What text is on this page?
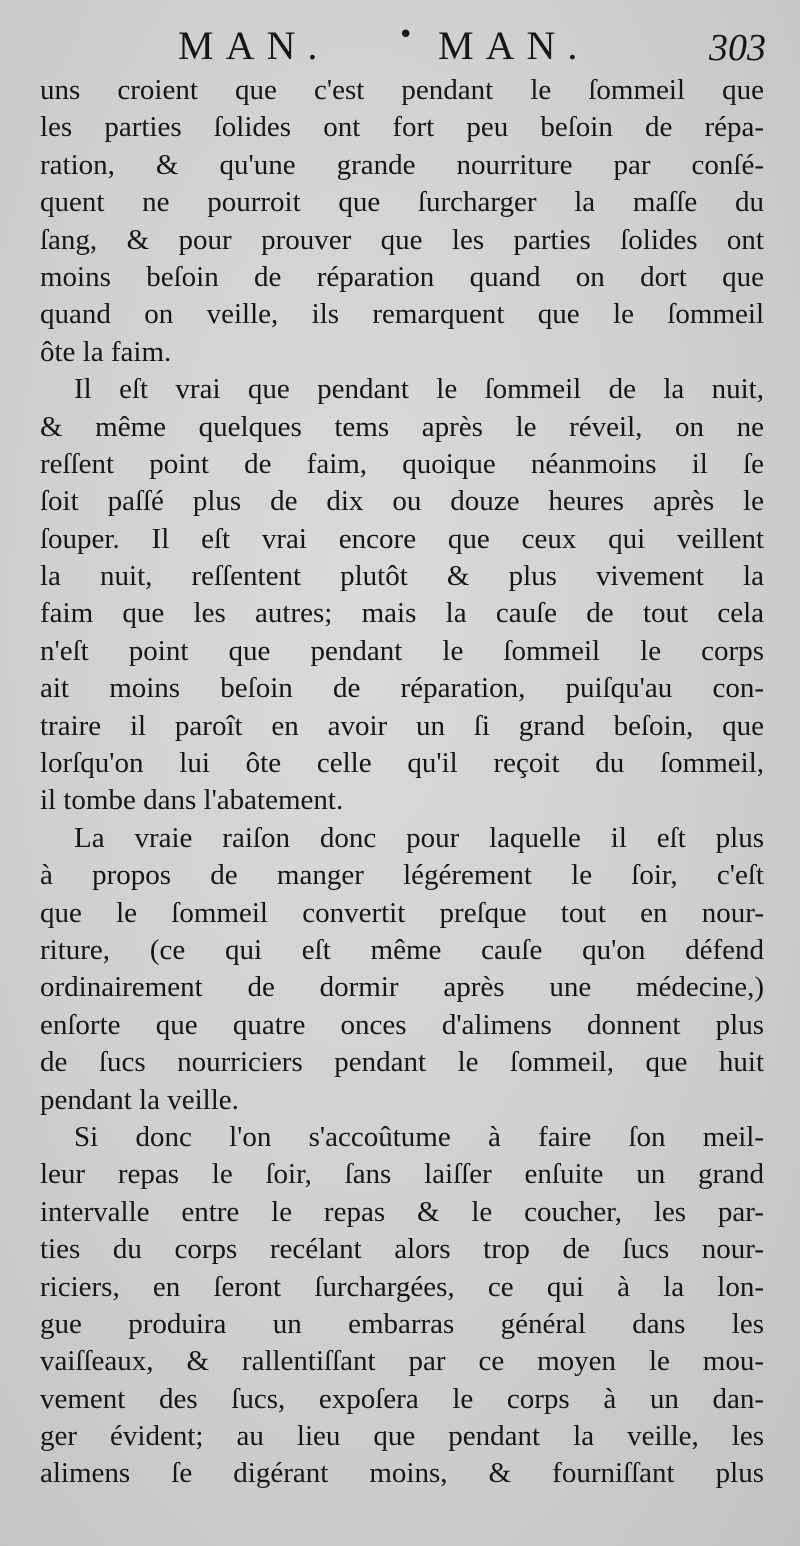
MAN.	• MAN.	303
uns croient que c'est pendant le ſommeil que
les parties ſolides ont fort peu beſoin de répa-
ration, & qu'une grande nourriture par conſé-
quent ne pourroit que ſurcharger la maſſe du
ſang, & pour prouver que les parties ſolides ont
moins beſoin de réparation quand on dort que
quand on veille, ils remarquent que le ſommeil
ôte la faim.
Il eſt vrai que pendant le ſommeil de la nuit,
& même quelques tems après le réveil, on ne
reſſent point de faim, quoique néanmoins il ſe
ſoit paſſé plus de dix ou douze heures après le
ſouper. Il eſt vrai encore que ceux qui veillent
la nuit, reſſentent plutôt & plus vivement la
faim que les autres; mais la cauſe de tout cela
n'eſt point que pendant le ſommeil le corps
ait moins beſoin de réparation, puiſqu'au con-
traire il paroît en avoir un ſi grand beſoin, que
lorſqu'on lui ôte celle qu'il reçoit du ſommeil,
il tombe dans l'abatement.
La vraie raiſon donc pour laquelle il eſt plus
à propos de manger légérement le ſoir, c'eſt
que le ſommeil convertit preſque tout en nour-
riture, (ce qui eſt même cauſe qu'on défend
ordinairement de dormir après une médecine,)
enſorte que quatre onces d'alimens donnent plus
de ſucs nourriciers pendant le ſommeil, que huit
pendant la veille.
Si donc l'on s'accoûtume à faire ſon meil-
leur repas le ſoir, ſans laiſſer enſuite un grand
intervalle entre le repas & le coucher, les par-
ties du corps recélant alors trop de ſucs nour-
riciers, en ſeront ſurchargées, ce qui à la lon-
gue produira un embarras général dans les
vaiſſeaux, & rallentiſſant par ce moyen le mou-
vement des ſucs, expoſera le corps à un dan-
ger évident; au lieu que pendant la veille, les
alimens ſe digérant moins, & fourniſſant plus
